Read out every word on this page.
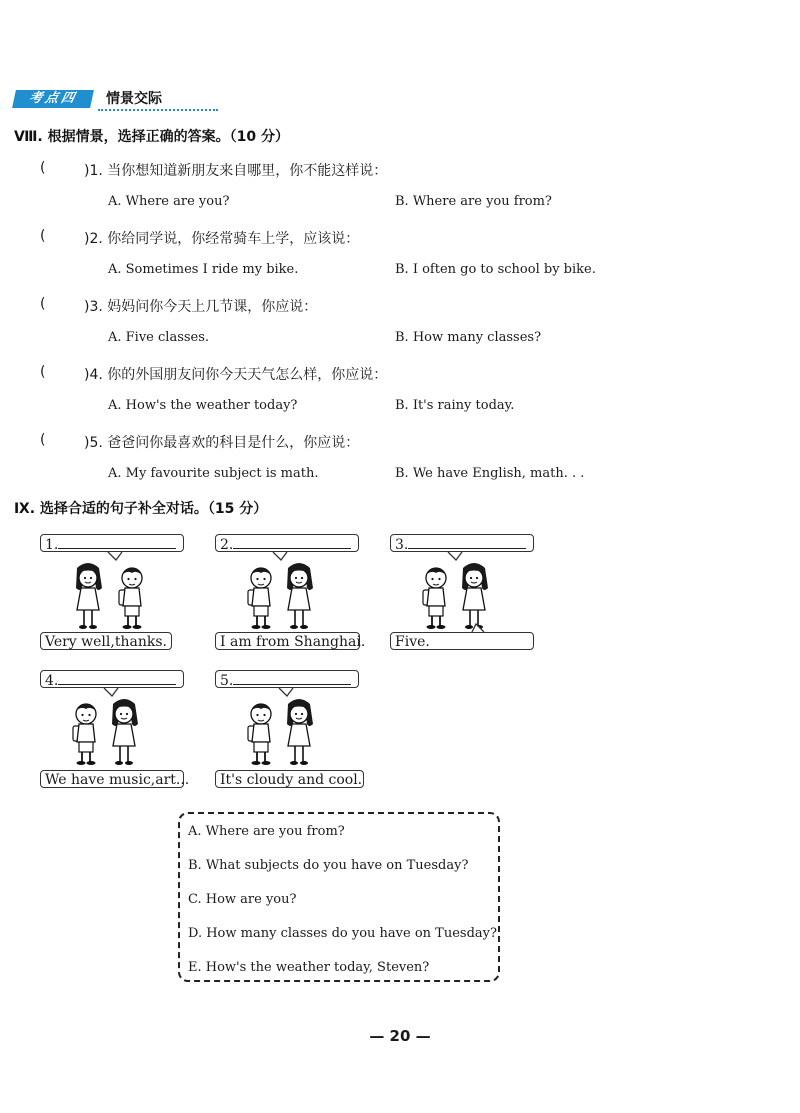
考点四	情景交际
Ⅷ. 根据情景，选择正确的答案。（10 分）
(	)1. 当你想知道新朋友来自哪里，你不能这样说：
A. Where are you?	B. Where are you from?
(	)2. 你给同学说，你经常骑车上学，应该说：
A. Sometimes I ride my bike.	B. I often go to school by bike.
(	)3. 妈妈问你今天上几节课，你应说：
A. Five classes.	B. How many classes?
(	)4. 你的外国朋友问你今天天气怎么样，你应说：
A. How's the weather today?	B. It's rainy today.
(	)5. 爸爸问你最喜欢的科目是什么，你应说：
A. My favourite subject is math.	B. We have English, math. . .
Ⅸ. 选择合适的句子补全对话。（15 分）
1.
Very well,thanks.
2.
I am from Shanghai.
3.
Five.
4.
We have music,art...
5.
It's cloudy and cool.
A. Where are you from?
B. What subjects do you have on Tuesday?
C. How are you?
D. How many classes do you have on Tuesday?
E. How's the weather today, Steven?
— 20 —
